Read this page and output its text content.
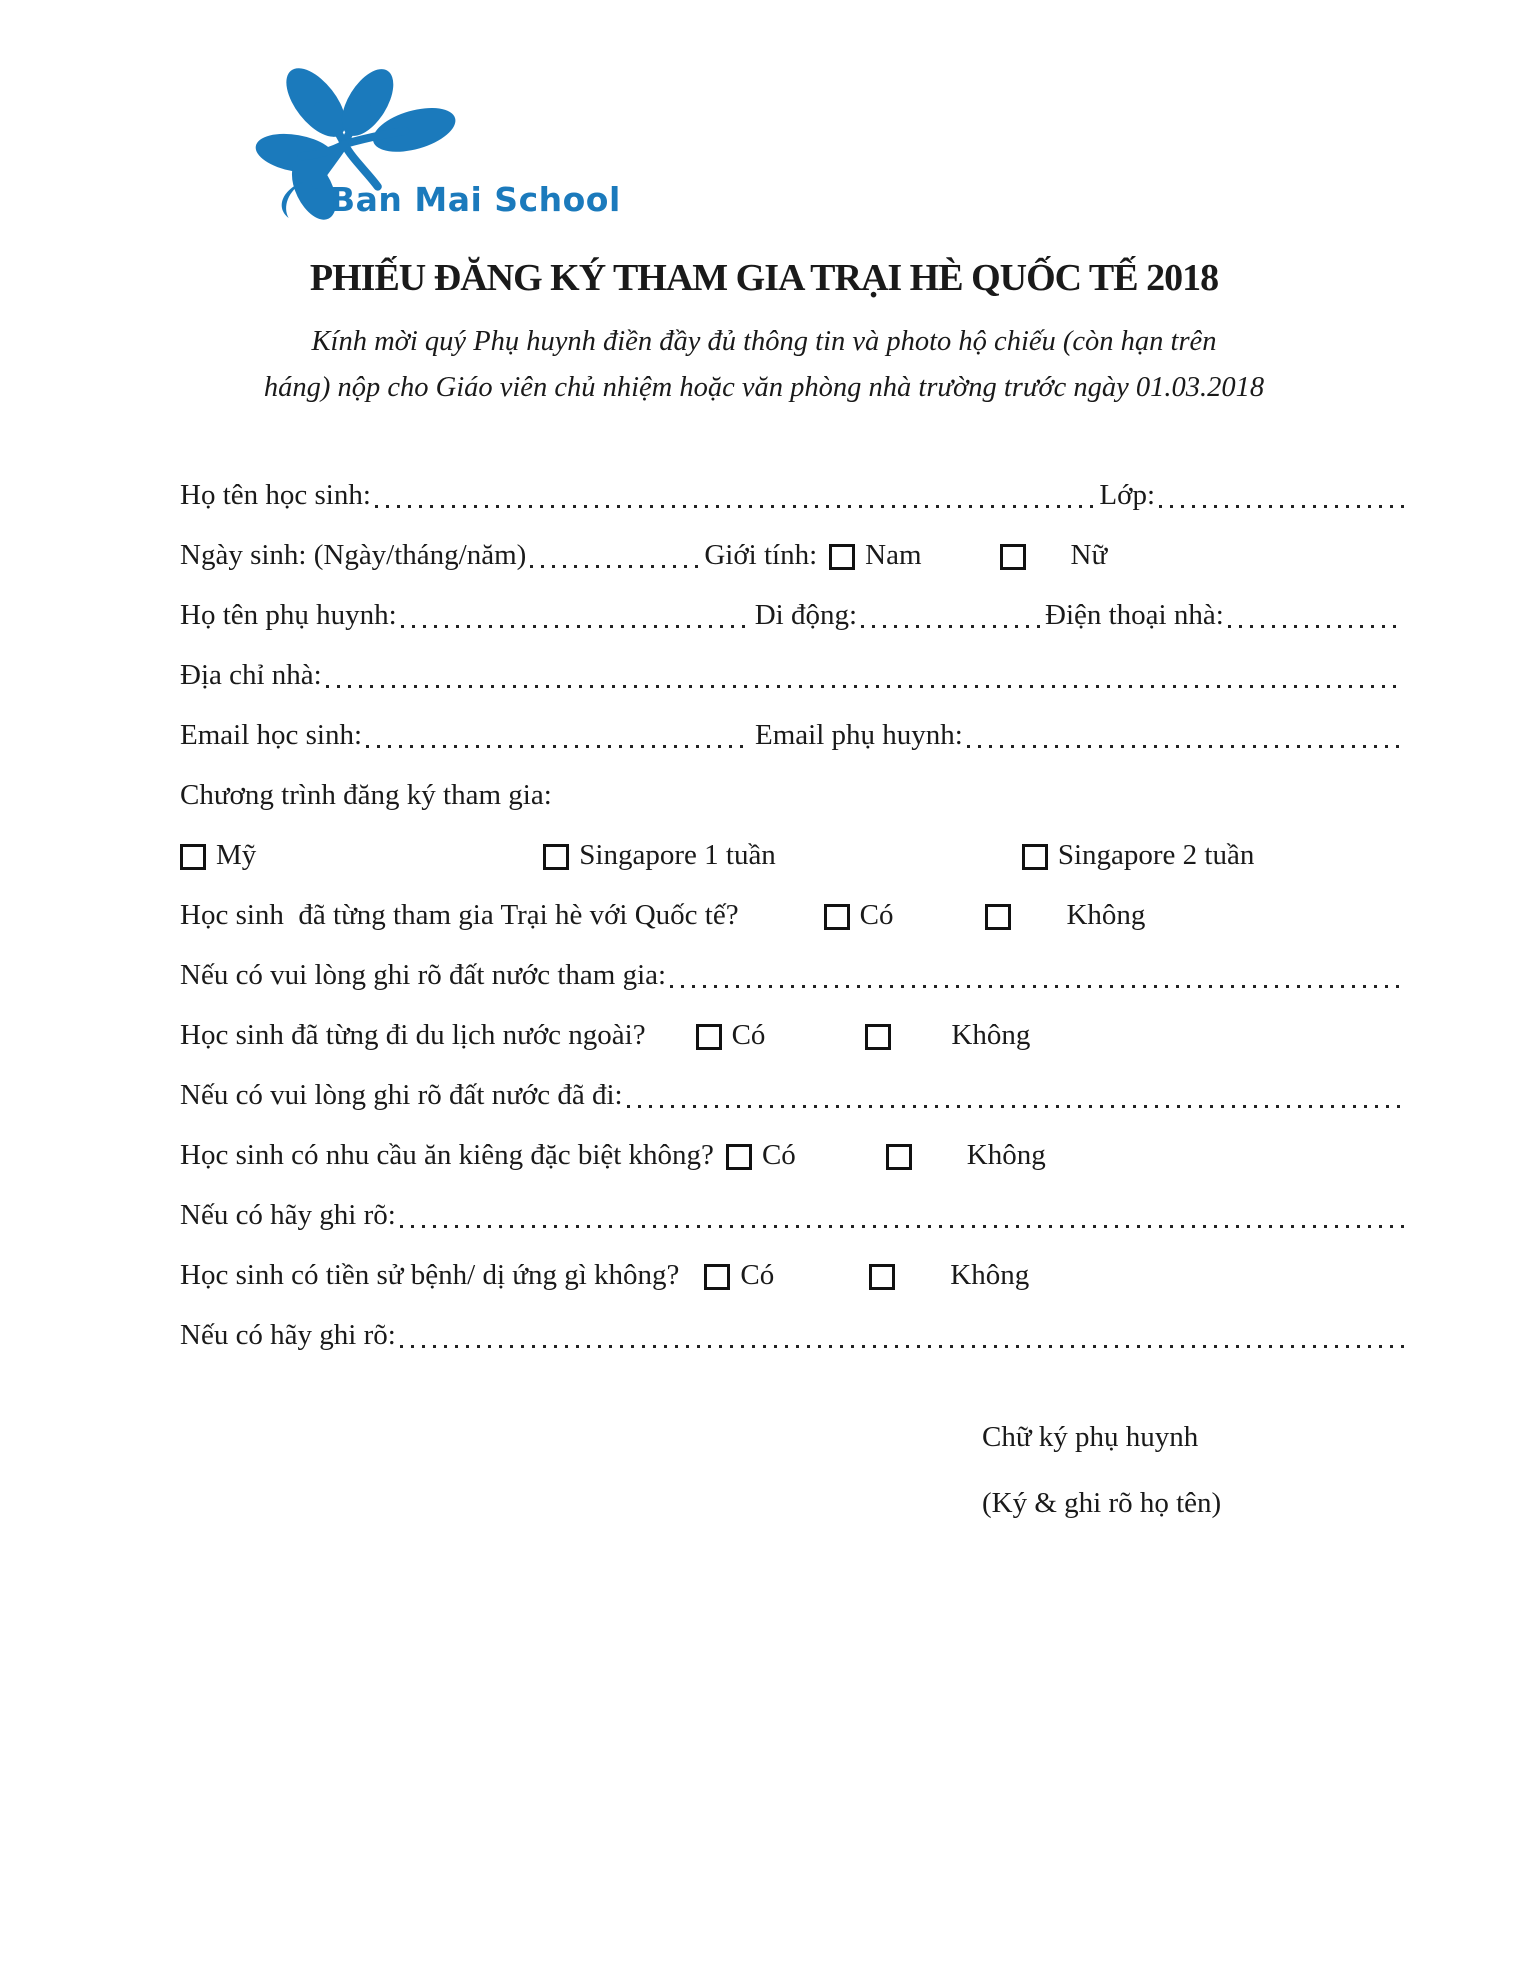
Ban Mai School
PHIẾU ĐĂNG KÝ THAM GIA TRẠI HÈ QUỐC TẾ 2018
Kính mời quý Phụ huynh điền đầy đủ thông tin và photo hộ chiếu (còn hạn trên
háng) nộp cho Giáo viên chủ nhiệm hoặc văn phòng nhà trường trước ngày 01.03.2018
Họ tên học sinh:	Lớp:
Ngày sinh: (Ngày/tháng/năm)	Giới tính: Nam	Nữ
Họ tên phụ huynh:	Di động:	Điện thoại nhà:
Địa chỉ nhà:
Email học sinh:	Email phụ huynh:
Chương trình đăng ký tham gia:
Mỹ	Singapore 1 tuần	Singapore 2 tuần
Học sinh  đã từng tham gia Trại hè với Quốc tế?	Có	Không
Nếu có vui lòng ghi rõ đất nước tham gia:
Học sinh đã từng đi du lịch nước ngoài?	Có	Không
Nếu có vui lòng ghi rõ đất nước đã đi:
Học sinh có nhu cầu ăn kiêng đặc biệt không? Có	Không
Nếu có hãy ghi rõ:
Học sinh có tiền sử bệnh/ dị ứng gì không? Có	Không
Nếu có hãy ghi rõ:
Chữ ký phụ huynh
(Ký & ghi rõ họ tên)
